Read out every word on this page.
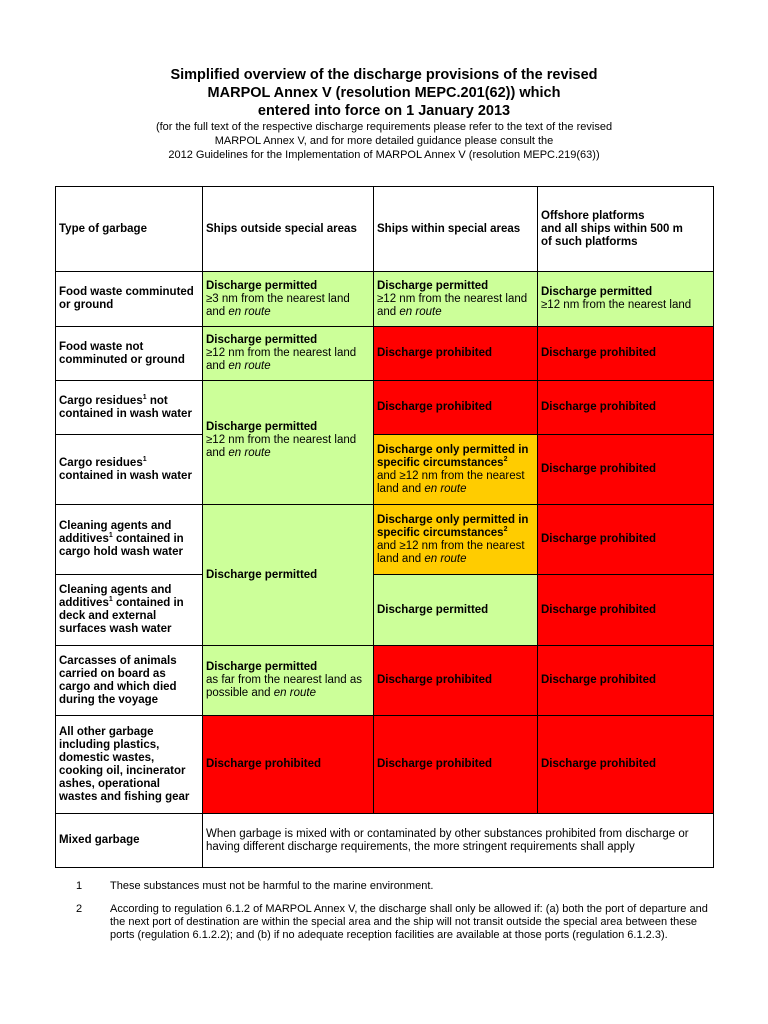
Simplified overview of the discharge provisions of the revised
MARPOL Annex V (resolution MEPC.201(62)) which
entered into force on 1 January 2013
(for the full text of the respective discharge requirements please refer to the text of the revised
MARPOL Annex V, and for more detailed guidance please consult the
2012 Guidelines for the Implementation of MARPOL Annex V (resolution MEPC.219(63))
Type of garbage	Ships outside special areas	Ships within special areas	Offshore platforms
and all ships within 500 m
of such platforms
Food waste comminuted or ground	Discharge permitted
≥3 nm from the nearest land and en route	Discharge permitted
≥12 nm from the nearest land and en route	Discharge permitted
≥12 nm from the nearest land
Food waste not comminuted or ground	Discharge permitted
≥12 nm from the nearest land and en route	Discharge prohibited	Discharge prohibited
Cargo residues$^1$ not contained in wash water	Discharge permitted
≥12 nm from the nearest land and en route	Discharge prohibited	Discharge prohibited
Cargo residues$^1$ contained in wash water		Discharge only permitted in specific circumstances$^2$
and ≥12 nm from the nearest land and en route	Discharge prohibited
Cleaning agents and additives$^1$ contained in cargo hold wash water	Discharge permitted	Discharge only permitted in specific circumstances$^2$
and ≥12 nm from the nearest land and en route	Discharge prohibited
Cleaning agents and additives$^1$ contained in deck and external surfaces wash water		Discharge permitted	Discharge prohibited
Carcasses of animals carried on board as cargo and which died during the voyage	Discharge permitted
as far from the nearest land as possible and en route	Discharge prohibited	Discharge prohibited
All other garbage including plastics, domestic wastes, cooking oil, incinerator ashes, operational wastes and fishing gear	Discharge prohibited	Discharge prohibited	Discharge prohibited
Mixed garbage	When garbage is mixed with or contaminated by other substances prohibited from discharge or having different discharge requirements, the more stringent requirements shall apply		
1	These substances must not be harmful to the marine environment.
2	According to regulation 6.1.2 of MARPOL Annex V, the discharge shall only be allowed if: (a) both the port of departure and the next port of destination are within the special area and the ship will not transit outside the special area between these ports (regulation 6.1.2.2); and (b) if no adequate reception facilities are available at those ports (regulation 6.1.2.3).
